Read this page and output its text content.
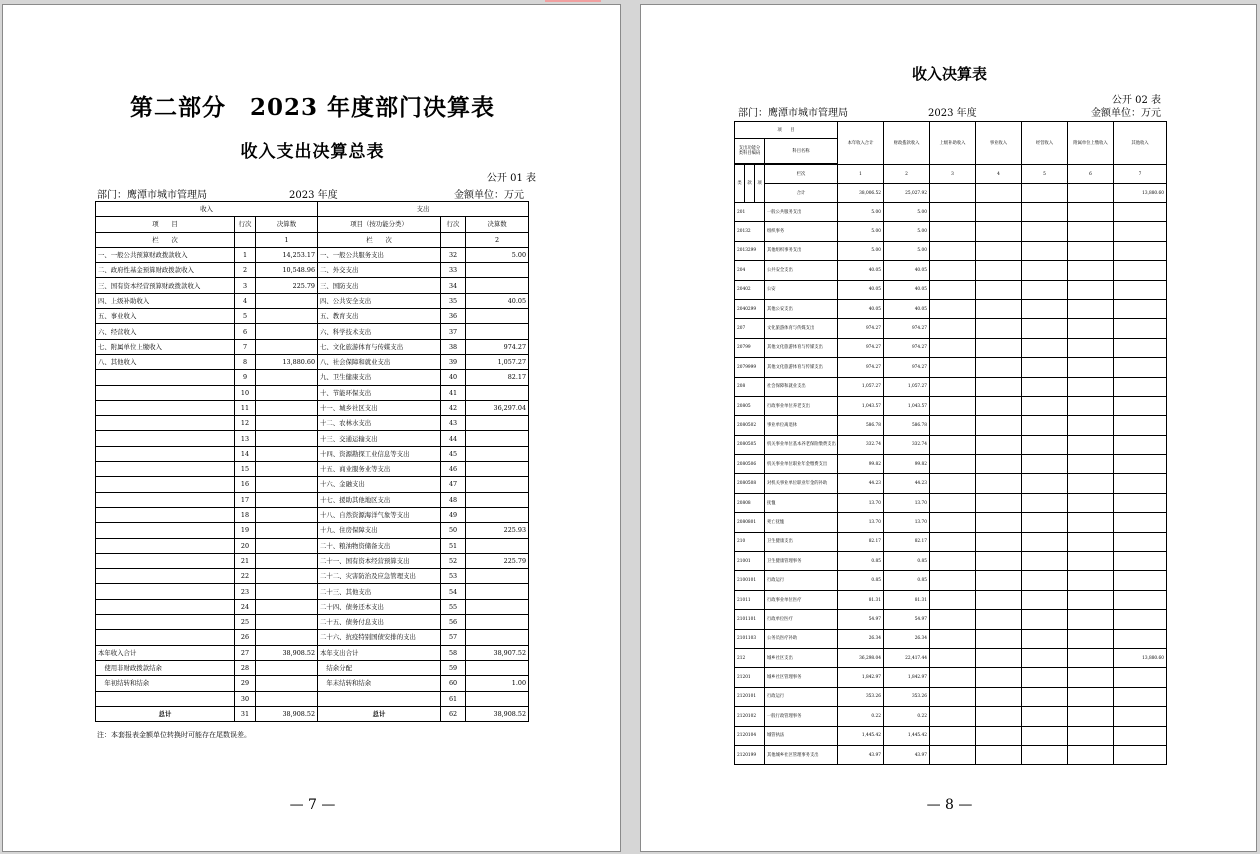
第二部分　2023 年度部门决算表
收入支出决算总表
公开 01 表
部门：鹰潭市城市管理局	2023 年度	金额单位：万元
收入			支出		
项　　目	行次	决算数	项目（按功能分类）	行次	决算数
栏　　次		1	栏　　次		2
一、一般公共预算财政拨款收入	1	14,253.17	一、一般公共服务支出	32	5.00
二、政府性基金预算财政拨款收入	2	10,548.96	二、外交支出	33	
三、国有资本经营预算财政拨款收入	3	225.79	三、国防支出	34	
四、上级补助收入	4		四、公共安全支出	35	40.05
五、事业收入	5		五、教育支出	36	
六、经营收入	6		六、科学技术支出	37	
七、附属单位上缴收入	7		七、文化旅游体育与传媒支出	38	974.27
八、其他收入	8	13,880.60	八、社会保障和就业支出	39	1,057.27
	9		九、卫生健康支出	40	82.17
	10		十、节能环保支出	41	
	11		十一、城乡社区支出	42	36,297.04
	12		十二、农林水支出	43	
	13		十三、交通运输支出	44	
	14		十四、资源勘探工业信息等支出	45	
	15		十五、商业服务业等支出	46	
	16		十六、金融支出	47	
	17		十七、援助其他地区支出	48	
	18		十八、自然资源海洋气象等支出	49	
	19		十九、住房保障支出	50	225.93
	20		二十、粮油物资储备支出	51	
	21		二十一、国有资本经营预算支出	52	225.79
	22		二十二、灾害防治及应急管理支出	53	
	23		二十三、其他支出	54	
	24		二十四、债务还本支出	55	
	25		二十五、债务付息支出	56	
	26		二十六、抗疫特别国债安排的支出	57	
本年收入合计	27	38,908.52	本年支出合计	58	38,907.52
　使用非财政拨款结余	28		　结余分配	59	
　年初结转和结余	29		　年末结转和结余	60	1.00
	30			61	
总计	31	38,908.52	总计	62	38,908.52
注：本套报表金额单位转换时可能存在尾数误差。
— 7 —
收入决算表
公开 02 表
部门：鹰潭市城市管理局	2023 年度	金额单位：万元
项　　目				本年收入合计	财政拨款收入	上级补助收入	事业收入	经营收入	附属单位上缴收入	其他收入
支出功能分类科目编码			科目名称							

类	款	项	栏次	1	2	3	4	5	6	7
			合计	38,006.52	25,027.92					13,880.60
201			一般公共服务支出	5.00	5.00					
20132			组织事务	5.00	5.00					
2013299			其他组织事务支出	5.00	5.00					
204			公共安全支出	40.05	40.05					
20402			公安	40.05	40.05					
2040299			其他公安支出	40.05	40.05					
207			文化旅游体育与传媒支出	974.27	974.27					
20799			其他文化旅游体育与传媒支出	974.27	974.27					
2079999			其他文化旅游体育与传媒支出	974.27	974.27					
208			社会保障和就业支出	1,057.27	1,057.27					
20805			行政事业单位养老支出	1,043.57	1,043.57					
2080502			事业单位离退休	586.78	586.78					
2080505			机关事业单位基本养老保险缴费支出	332.74	332.74					
2080506			机关事业单位职业年金缴费支出	99.82	99.82					
2080508			对机关事业单位职业年金的补助	44.23	44.23					
20808			抚恤	13.70	13.70					
2080801			死亡抚恤	13.70	13.70					
210			卫生健康支出	82.17	82.17					
21001			卫生健康管理事务	0.85	0.85					
2100101			行政运行	0.85	0.85					
21011			行政事业单位医疗	81.31	81.31					
2101101			行政单位医疗	54.97	54.97					
2101103			公务员医疗补助	26.34	26.34					
212			城乡社区支出	36,298.04	22,417.44					13,880.60
21201			城乡社区管理事务	1,842.97	1,842.97					
2120101			行政运行	353.26	353.26					
2120102			一般行政管理事务	0.22	0.22					
2120104			城管执法	1,445.42	1,445.42					
2120199			其他城乡社区管理事务支出	43.97	43.97					
— 8 —
